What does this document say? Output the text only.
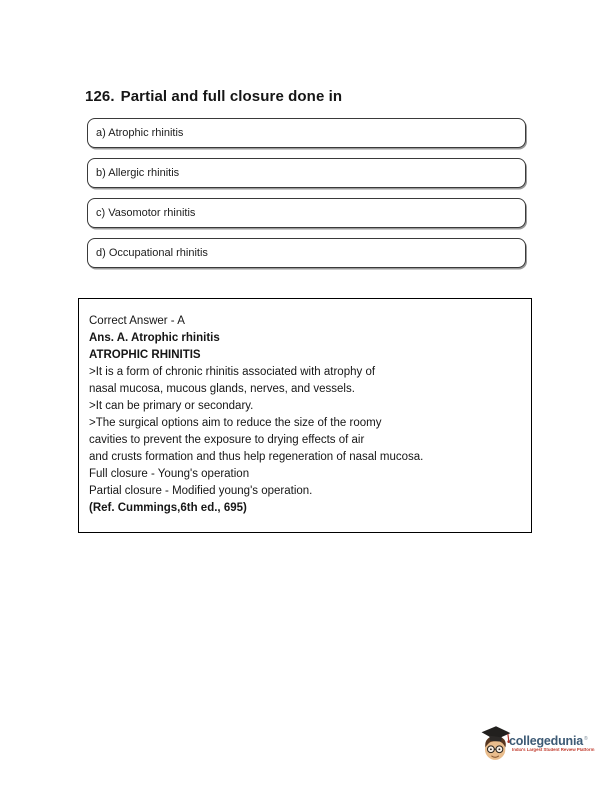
126. Partial and full closure done in
a) Atrophic rhinitis
b) Allergic rhinitis
c) Vasomotor rhinitis
d) Occupational rhinitis
Correct Answer - A
Ans. A. Atrophic rhinitis
ATROPHIC RHINITIS
>It is a form of chronic rhinitis associated with atrophy of
nasal mucosa, mucous glands, nerves, and vessels.
>It can be primary or secondary.
>The surgical options aim to reduce the size of the roomy
cavities to prevent the exposure to drying effects of air
and crusts formation and thus help regeneration of nasal mucosa.
Full closure - Young's operation
Partial closure - Modified young's operation.
(Ref. Cummings,6th ed., 695)
collegedunia ®
India's Largest Student Review Platform
